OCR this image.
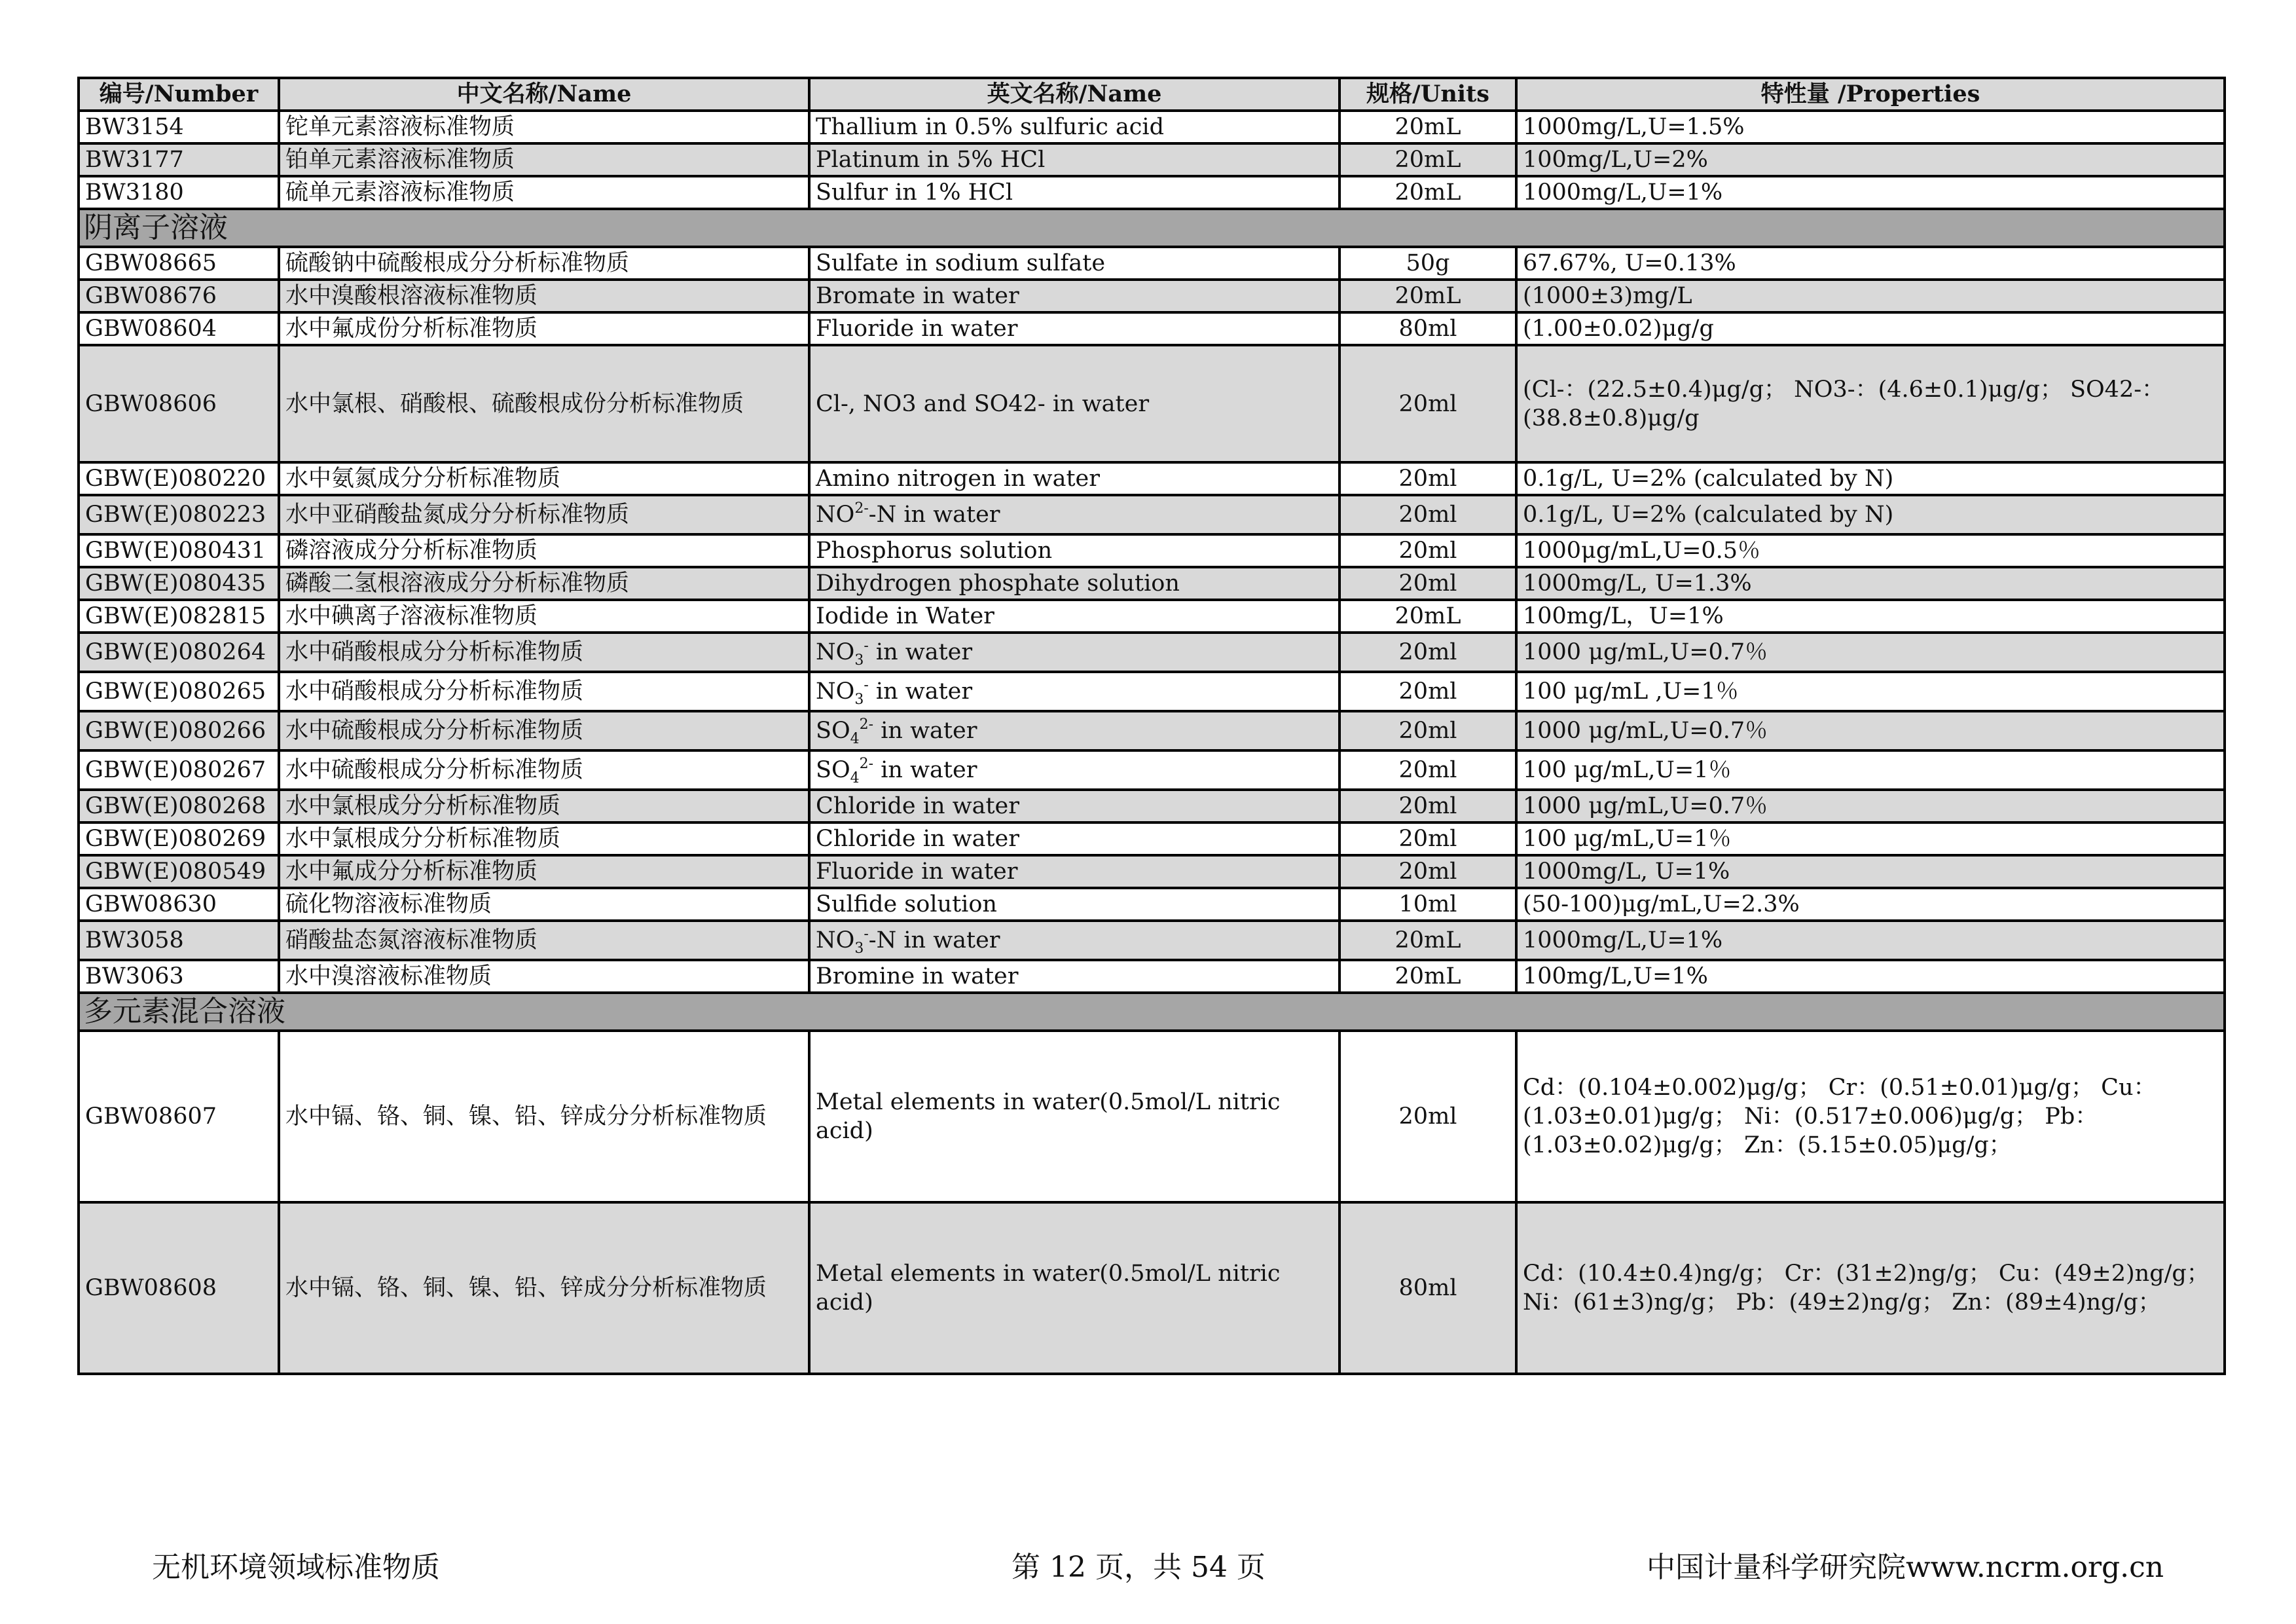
编号/Number	中文名称/Name	英文名称/Name	规格/Units	特性量 /Properties
BW3154	铊单元素溶液标准物质	Thallium in 0.5% sulfuric acid	20mL	1000mg/L,U=1.5%
BW3177	铂单元素溶液标准物质	Platinum in 5% HCl	20mL	100mg/L,U=2%
BW3180	硫单元素溶液标准物质	Sulfur in 1% HCl	20mL	1000mg/L,U=1%
阴离子溶液				
GBW08665	硫酸钠中硫酸根成分分析标准物质	Sulfate in sodium sulfate	50g	67.67%, U=0.13%
GBW08676	水中溴酸根溶液标准物质	Bromate in water	20mL	(1000±3)mg/L
GBW08604	水中氟成份分析标准物质	Fluoride in water	80ml	(1.00±0.02)μg/g
GBW08606	水中氯根、硝酸根、硫酸根成份分析标准物质	Cl-, NO3 and SO42- in water	20ml	(Cl-：(22.5±0.4)μg/g； NO3-：(4.6±0.1)μg/g； SO42-：
(38.8±0.8)μg/g

GBW(E)080220	水中氨氮成分分析标准物质	Amino nitrogen in water	20ml	0.1g/L, U=2% (calculated by N)
GBW(E)080223	水中亚硝酸盐氮成分分析标准物质	$NO^{2-}-N$ in water	20ml	0.1g/L, U=2% (calculated by N)
GBW(E)080431	磷溶液成分分析标准物质	Phosphorus solution	20ml	1000μg/mL,U=0.5％
GBW(E)080435	磷酸二氢根溶液成分分析标准物质	Dihydrogen phosphate solution	20ml	1000mg/L, U=1.3%
GBW(E)082815	水中碘离子溶液标准物质	Iodide in Water	20mL	100mg/L，U=1%
GBW(E)080264	水中硝酸根成分分析标准物质	$NO_3^-$ in water	20ml	1000 μg/mL,U=0.7％
GBW(E)080265	水中硝酸根成分分析标准物质	$NO_3^-$ in water	20ml	100 μg/mL ,U=1％
GBW(E)080266	水中硫酸根成分分析标准物质	$SO_4^{2-}$ in water	20ml	1000 μg/mL,U=0.7％
GBW(E)080267	水中硫酸根成分分析标准物质	$SO_4^{2-}$ in water	20ml	100 μg/mL,U=1％
GBW(E)080268	水中氯根成分分析标准物质	Chloride in water	20ml	1000 μg/mL,U=0.7％
GBW(E)080269	水中氯根成分分析标准物质	Chloride in water	20ml	100 μg/mL,U=1％
GBW(E)080549	水中氟成分分析标准物质	Fluoride in water	20ml	1000mg/L, U=1%
GBW08630	硫化物溶液标准物质	Sulfide solution	10ml	(50-100)μg/mL,U=2.3%
BW3058	硝酸盐态氮溶液标准物质	$NO_3^--N$ in water	20mL	1000mg/L,U=1%
BW3063	水中溴溶液标准物质	Bromine in water	20mL	100mg/L,U=1%
多元素混合溶液				
GBW08607	水中镉、铬、铜、镍、铅、锌成分分析标准物质	Metal elements in water(0.5mol/L nitric acid)	20ml	Cd：(0.104±0.002)μg/g； Cr：(0.51±0.01)μg/g； Cu：
(1.03±0.01)μg/g； Ni：(0.517±0.006)μg/g； Pb：
(1.03±0.02)μg/g； Zn：(5.15±0.05)μg/g；

GBW08608	水中镉、铬、铜、镍、铅、锌成分分析标准物质	Metal elements in water(0.5mol/L nitric acid)	80ml	Cd：(10.4±0.4)ng/g； Cr：(31±2)ng/g； Cu：(49±2)ng/g；
Ni：(61±3)ng/g； Pb：(49±2)ng/g； Zn：(89±4)ng/g；
无机环境领域标准物质	第 12 页，共 54 页	中国计量科学研究院www.ncrm.org.cn
